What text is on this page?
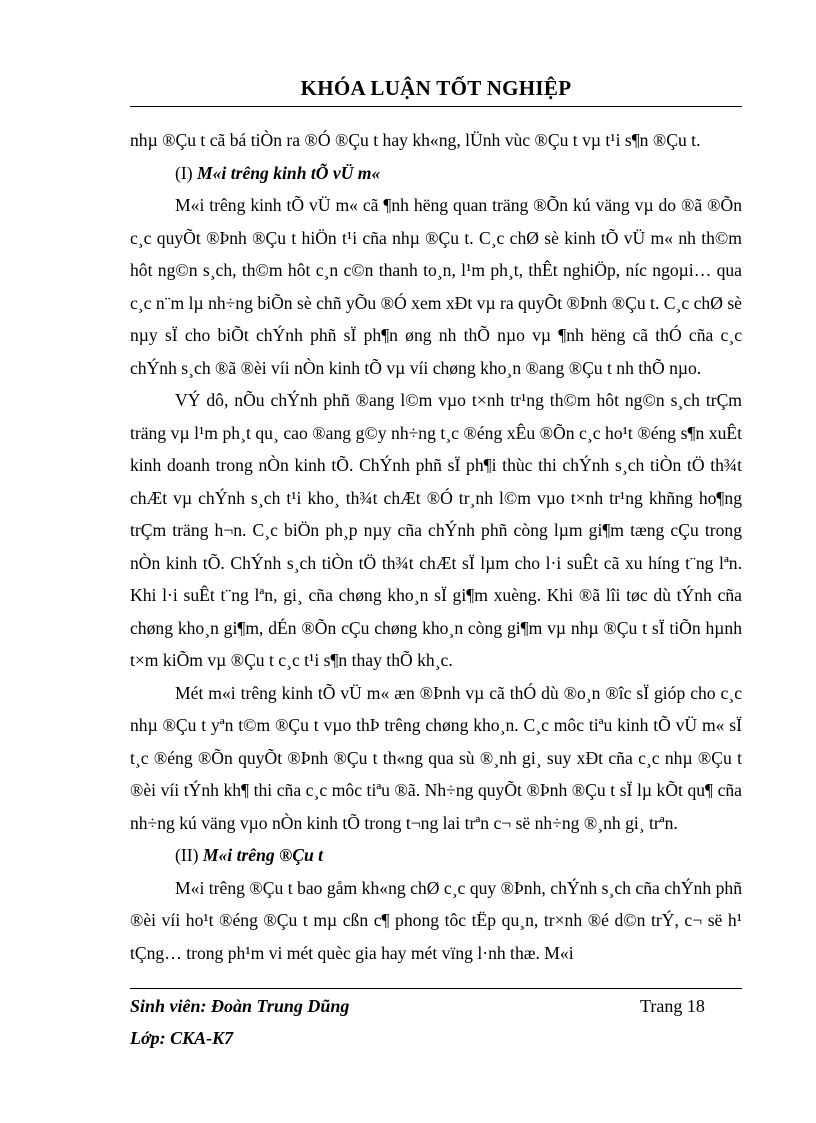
KHÓA LUẬN TỐT NGHIỆP

nhµ ®Çu t cã bá tiÒn ra ®Ó ®Çu t hay kh«ng, lÜnh vùc ®Çu t vµ t¹i s¶n ®Çu t.

(I) M«i trêng kinh tÕ vÜ m«

M«i trêng kinh tÕ vÜ m« cã ¶nh hëng quan träng ®Õn kú väng vµ do ®ã ®Õn c¸c quyÕt ®Þnh ®Çu t hiÖn t¹i cña nhµ ®Çu t. C¸c chØ sè kinh tÕ vÜ m« nh th©m hôt ng©n s¸ch, th©m hôt c¸n c©n thanh to¸n, l¹m ph¸t, thÊt nghiÖp, níc ngoµi… qua c¸c n¨m lµ nh÷ng biÕn sè chñ yÕu ®Ó xem xÐt vµ ra quyÕt ®Þnh ®Çu t. C¸c chØ sè nµy sÏ cho biÕt chÝnh phñ sÏ ph¶n øng nh thÕ nµo vµ ¶nh hëng cã thÓ cña c¸c chÝnh s¸ch ®ã ®èi víi nÒn kinh tÕ vµ víi chøng kho¸n ®ang ®Çu t nh thÕ nµo.

VÝ dô, nÕu chÝnh phñ ®ang l©m vµo t×nh tr¹ng th©m hôt ng©n s¸ch trÇm träng vµ l¹m ph¸t qu¸ cao ®ang g©y nh÷ng t¸c ®éng xÊu ®Õn c¸c ho¹t ®éng s¶n xuÊt kinh doanh trong nÒn kinh tÕ. ChÝnh phñ sÏ ph¶i thùc thi chÝnh s¸ch tiÒn tÖ th¾t chÆt vµ chÝnh s¸ch t¹i kho¸ th¾t chÆt ®Ó tr¸nh l©m vµo t×nh tr¹ng khñng ho¶ng trÇm träng h¬n. C¸c biÖn ph¸p nµy cña chÝnh phñ còng lµm gi¶m tæng cÇu trong nÒn kinh tÕ. ChÝnh s¸ch tiÒn tÖ th¾t chÆt sÏ lµm cho l·i suÊt cã xu híng t¨ng lªn. Khi l·i suÊt t¨ng lªn, gi¸ cña chøng kho¸n sÏ gi¶m xuèng. Khi ®ã lîi tøc dù tÝnh cña chøng kho¸n gi¶m, dÉn ®Õn cÇu chøng kho¸n còng gi¶m vµ nhµ ®Çu t sÏ tiÕn hµnh t×m kiÕm vµ ®Çu t c¸c t¹i s¶n thay thÕ kh¸c.

Mét m«i trêng kinh tÕ vÜ m« æn ®Þnh vµ cã thÓ dù ®o¸n ®îc sÏ gióp cho c¸c nhµ ®Çu t yªn t©m ®Çu t vµo thÞ trêng chøng kho¸n. C¸c môc tiªu kinh tÕ vÜ m« sÏ t¸c ®éng ®Õn quyÕt ®Þnh ®Çu t th«ng qua sù ®¸nh gi¸ suy xÐt cña c¸c nhµ ®Çu t ®èi víi tÝnh kh¶ thi cña c¸c môc tiªu ®ã. Nh÷ng quyÕt ®Þnh ®Çu t sÏ lµ kÕt qu¶ cña nh÷ng kú väng vµo nÒn kinh tÕ trong t¬ng lai trªn c¬ së nh÷ng ®¸nh gi¸ trªn.

(II) M«i trêng ®Çu t

M«i trêng ®Çu t bao gåm kh«ng chØ c¸c quy ®Þnh, chÝnh s¸ch cña chÝnh phñ ®èi víi ho¹t ®éng ®Çu t mµ cßn c¶ phong tôc tËp qu¸n, tr×nh ®é d©n trÝ, c¬ së h¹ tÇng… trong ph¹m vi mét quèc gia hay mét vïng l·nh thæ. M«i

Sinh viên: Đoàn Trung Dũng	Trang 18
Lớp: CKA-K7
